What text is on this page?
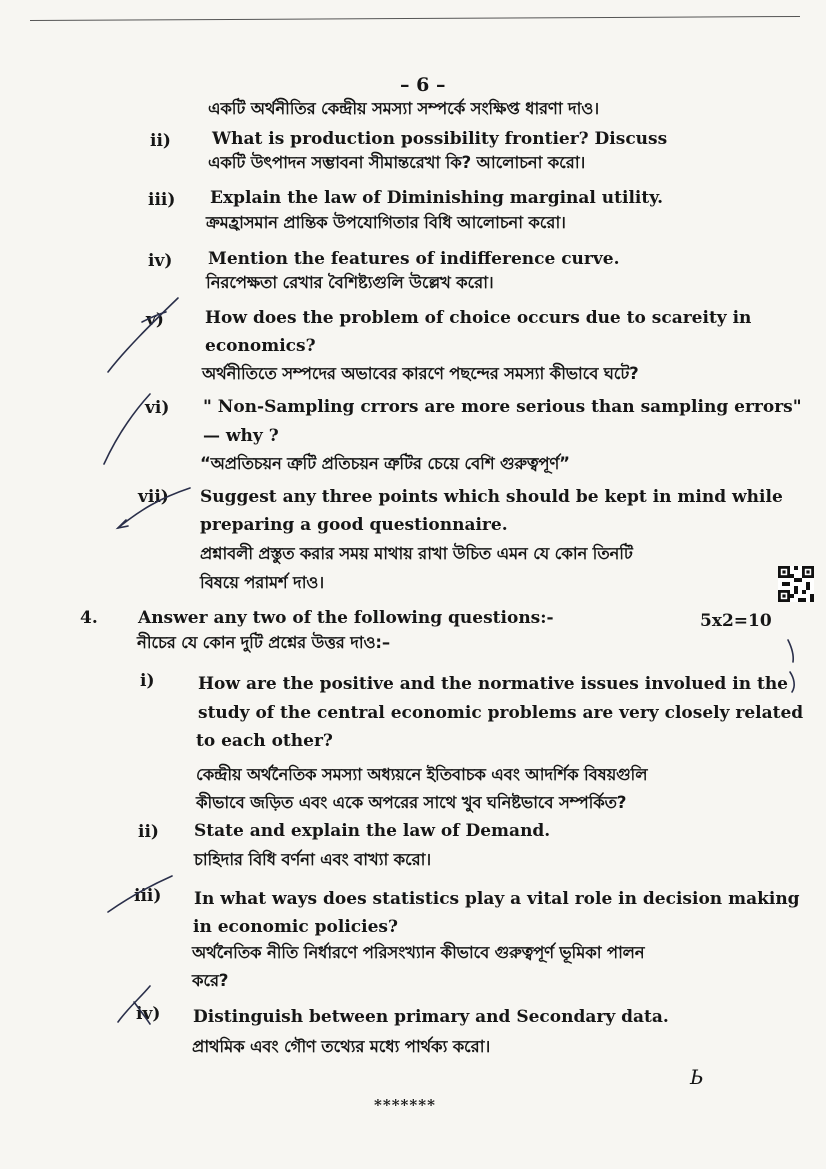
– 6 –
একটি অর্থনীতির কেন্দ্রীয় সমস্যা সম্পর্কে সংক্ষিপ্ত ধারণা দাও।
ii) What is production possibility frontier? Discuss
একটি উৎপাদন সম্ভাবনা সীমান্তরেখা কি? আলোচনা করো।
iii) Explain the law of Diminishing marginal utility.
ক্রমহ্রাসমান প্রান্তিক উপযোগিতার বিধি আলোচনা করো।
iv) Mention the features of indifference curve.
নিরপেক্ষতা রেখার বৈশিষ্ট্যগুলি উল্লেখ করো।
v) How does the problem of choice occurs due to scareity in
economics?
অর্থনীতিতে সম্পদের অভাবের কারণে পছন্দের সমস্যা কীভাবে ঘটে?
vi) " Non-Sampling crrors are more serious than sampling errors"
— why ?
“অপ্রতিচয়ন ত্রুটি প্রতিচয়ন ত্রুটির চেয়ে বেশি গুরুত্বপূর্ণ”
vii) Suggest any three points which should be kept in mind while
preparing a good questionnaire.
প্রশ্নাবলী প্রস্তুত করার সময় মাথায় রাখা উচিত এমন যে কোন তিনটি
বিষয়ে পরামর্শ দাও।
4. Answer any two of the following questions:-	5x2=10
নীচের যে কোন দুটি প্রশ্নের উত্তর দাও:–
i)	How are the positive and the normative issues involued in the
study of the central economic problems are very closely related
to each other?
কেন্দ্রীয় অর্থনৈতিক সমস্যা অধ্যয়নে ইতিবাচক এবং আদর্শিক বিষয়গুলি
কীভাবে জড়িত এবং একে অপরের সাথে খুব ঘনিষ্টভাবে সম্পর্কিত?
ii) State and explain the law of Demand.
চাহিদার বিধি বর্ণনা এবং বাখ্যা করো।
iii) In what ways does statistics play a vital role in decision making
in economic policies?
অর্থনৈতিক নীতি নির্ধারণে পরিসংখ্যান কীভাবে গুরুত্বপূর্ণ ভূমিকা পালন
করে?
iv) Distinguish between primary and Secondary data.
প্রাথমিক এবং গৌণ তথ্যের মধ্যে পার্থক্য করো।
Ь
*******
